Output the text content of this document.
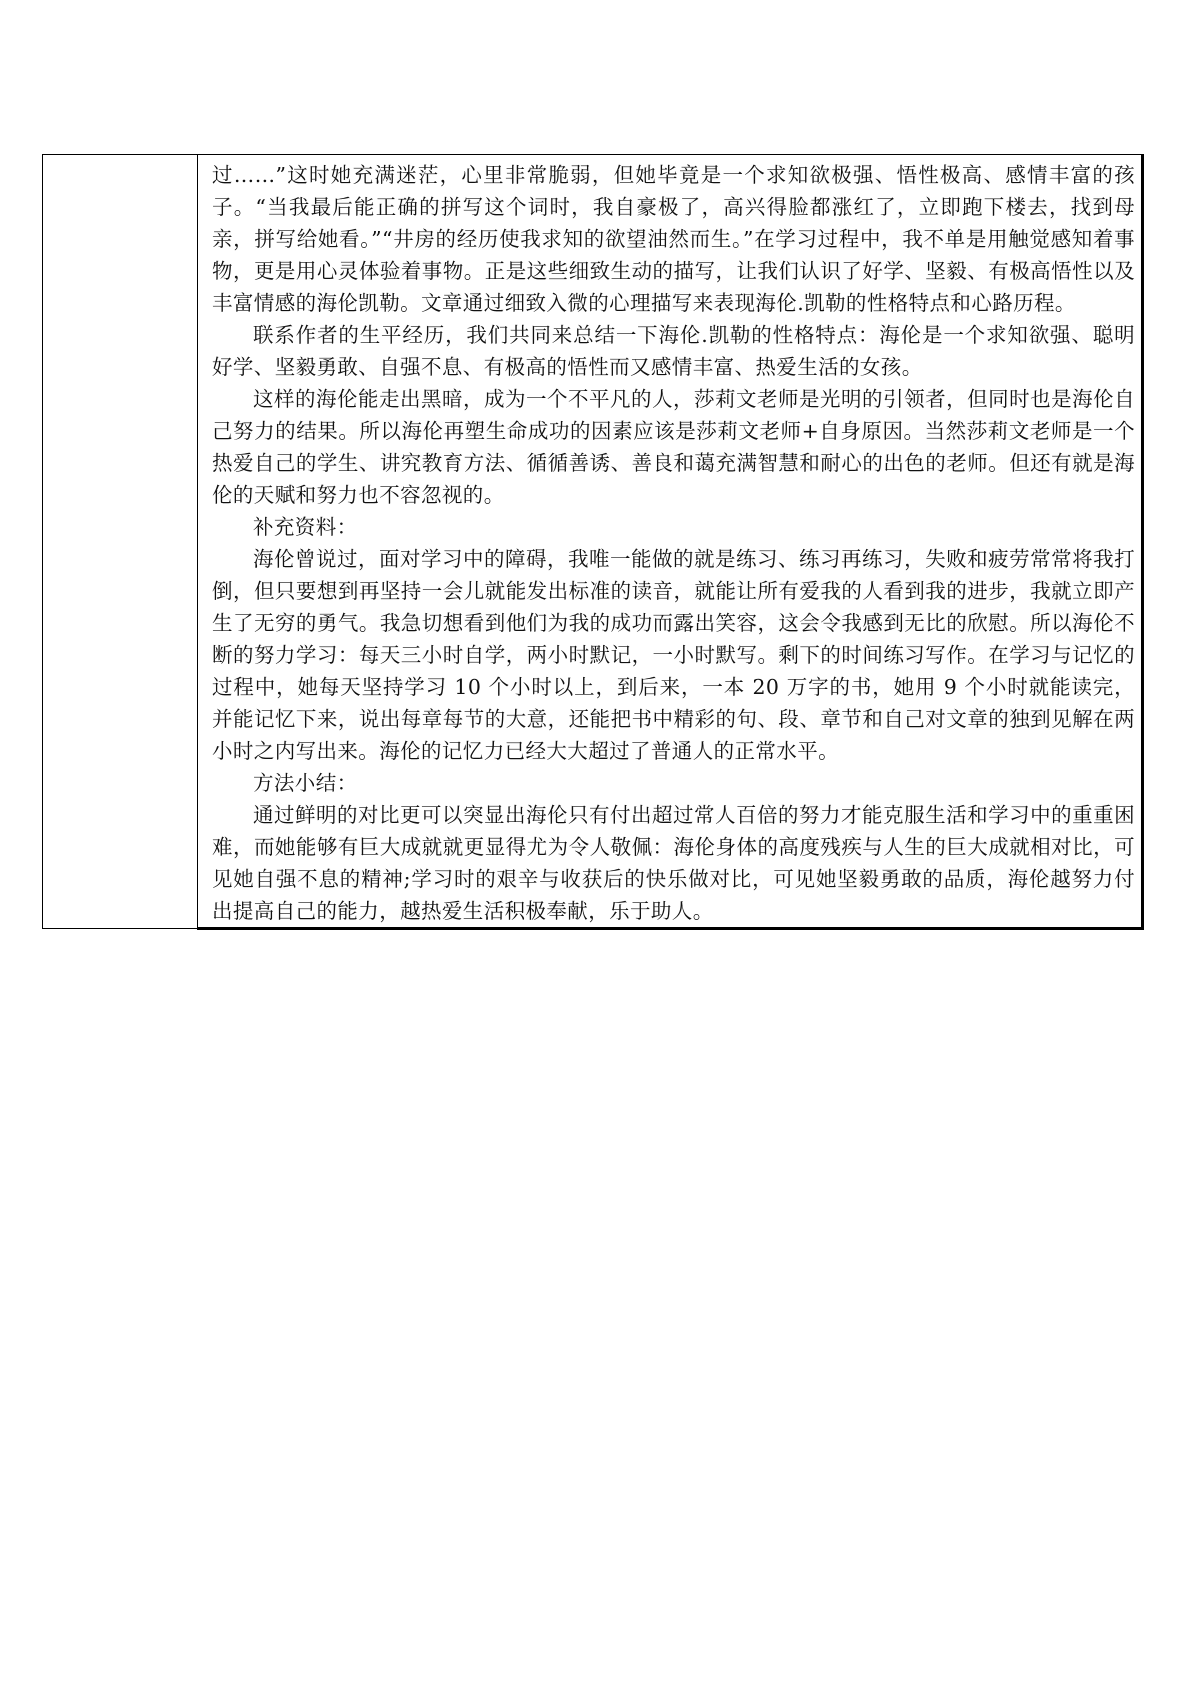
过……”这时她充满迷茫，心里非常脆弱，但她毕竟是一个求知欲极强、悟性极高、感情丰富的孩子。“当我最后能正确的拼写这个词时，我自豪极了，高兴得脸都涨红了，立即跑下楼去，找到母亲，拼写给她看。”“井房的经历使我求知的欲望油然而生。”在学习过程中，我不单是用触觉感知着事物，更是用心灵体验着事物。正是这些细致生动的描写，让我们认识了好学、坚毅、有极高悟性以及丰富情感的海伦凯勒。文章通过细致入微的心理描写来表现海伦.凯勒的性格特点和心路历程。

联系作者的生平经历，我们共同来总结一下海伦.凯勒的性格特点：海伦是一个求知欲强、聪明好学、坚毅勇敢、自强不息、有极高的悟性而又感情丰富、热爱生活的女孩。

这样的海伦能走出黑暗，成为一个不平凡的人，莎莉文老师是光明的引领者，但同时也是海伦自己努力的结果。所以海伦再塑生命成功的因素应该是莎莉文老师+自身原因。当然莎莉文老师是一个热爱自己的学生、讲究教育方法、循循善诱、善良和蔼充满智慧和耐心的出色的老师。但还有就是海伦的天赋和努力也不容忽视的。

补充资料：

海伦曾说过，面对学习中的障碍，我唯一能做的就是练习、练习再练习，失败和疲劳常常将我打倒，但只要想到再坚持一会儿就能发出标准的读音，就能让所有爱我的人看到我的进步，我就立即产生了无穷的勇气。我急切想看到他们为我的成功而露出笑容，这会令我感到无比的欣慰。所以海伦不断的努力学习：每天三小时自学，两小时默记，一小时默写。剩下的时间练习写作。在学习与记忆的过程中，她每天坚持学习 10 个小时以上，到后来，一本 20 万字的书，她用 9 个小时就能读完，并能记忆下来，说出每章每节的大意，还能把书中精彩的句、段、章节和自己对文章的独到见解在两小时之内写出来。海伦的记忆力已经大大超过了普通人的正常水平。

方法小结：

通过鲜明的对比更可以突显出海伦只有付出超过常人百倍的努力才能克服生活和学习中的重重困难，而她能够有巨大成就就更显得尤为令人敬佩：海伦身体的高度残疾与人生的巨大成就相对比，可见她自强不息的精神;学习时的艰辛与收获后的快乐做对比，可见她坚毅勇敢的品质，海伦越努力付出提高自己的能力，越热爱生活积极奉献，乐于助人。
